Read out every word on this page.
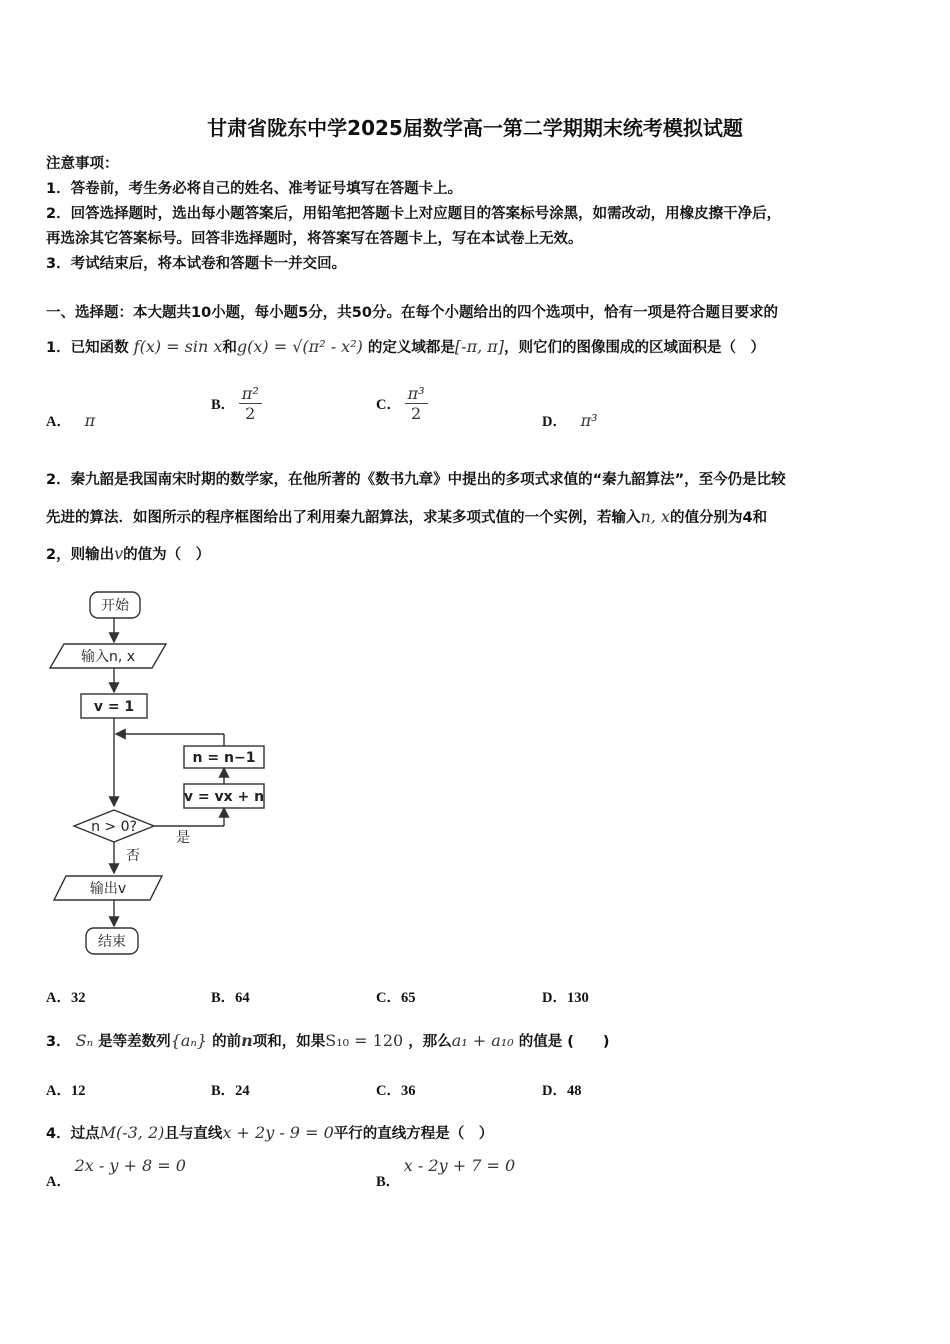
甘肃省陇东中学2025届数学高一第二学期期末统考模拟试题
注意事项：
1．答卷前，考生务必将自己的姓名、准考证号填写在答题卡上。
2．回答选择题时，选出每小题答案后，用铅笔把答题卡上对应题目的答案标号涂黑，如需改动，用橡皮擦干净后，
再选涂其它答案标号。回答非选择题时，将答案写在答题卡上，写在本试卷上无效。
3．考试结束后，将本试卷和答题卡一并交回。
一、选择题：本大题共10小题，每小题5分，共50分。在每个小题给出的四个选项中，恰有一项是符合题目要求的
1．已知函数 f(x) = sin x和g(x) = √(π² - x²) 的定义域都是[-π, π]，则它们的图像围成的区域面积是（　）
A． π
B． $\frac{\text{π²}}{2}$	C． $\frac{\text{π³}}{2}$	D． π³
2．秦九韶是我国南宋时期的数学家，在他所著的《数书九章》中提出的多项式求值的“秦九韶算法”，至今仍是比较
先进的算法．如图所示的程序框图给出了利用秦九韶算法，求某多项式值的一个实例，若输入n, x的值分别为4和
2，则输出v的值为（　）
开始
输入n, x
v = 1
n = n−1
v = vx + n
n > 0?
是
否
输出v
结束
A．32	B．64	C．65	D．130
3． Sₙ 是等差数列{aₙ} 的前n项和，如果S₁₀ = 120 ，那么a₁ + a₁₀ 的值是 (　　)
A．12	B．24	C．36	D．48
4．过点M(-3, 2)且与直线x + 2y - 9 = 0平行的直线方程是（　）
A． 2x - y + 8 = 0
B． x - 2y + 7 = 0
